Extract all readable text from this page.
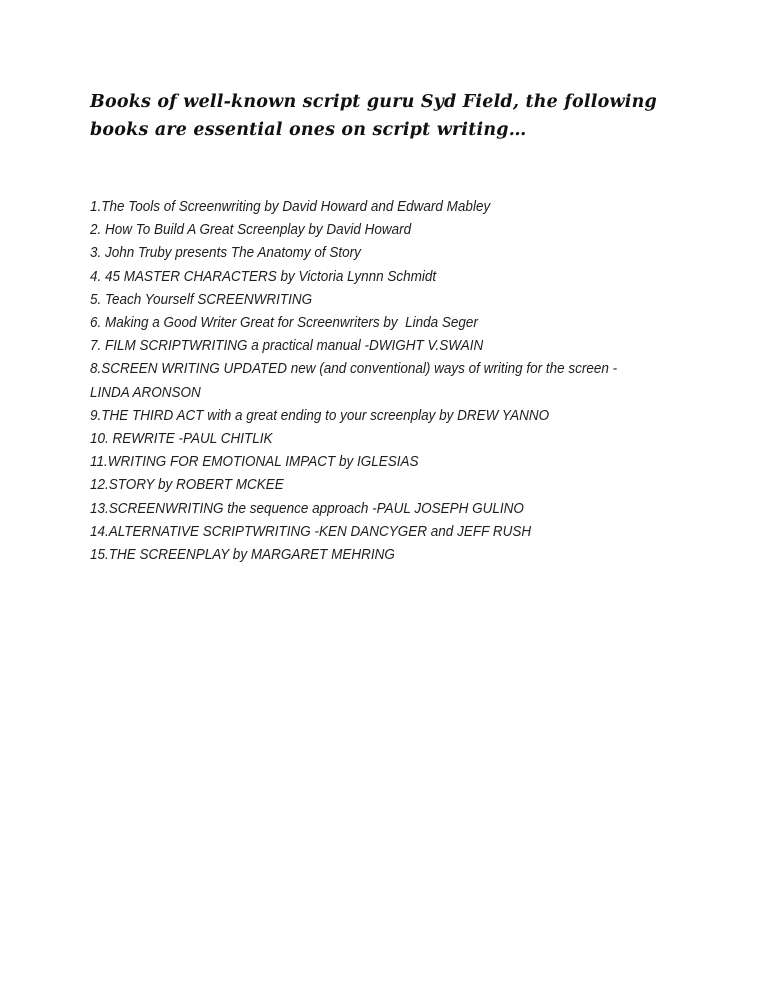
Books of well-known script guru Syd Field, the following
books are essential ones on script writing…
1.The Tools of Screenwriting by David Howard and Edward Mabley
2. How To Build A Great Screenplay by David Howard
3. John Truby presents The Anatomy of Story
4. 45 MASTER CHARACTERS by Victoria Lynnn Schmidt
5. Teach Yourself SCREENWRITING
6. Making a Good Writer Great for Screenwriters by  Linda Seger
7. FILM SCRIPTWRITING a practical manual -DWIGHT V.SWAIN
8.SCREEN WRITING UPDATED new (and conventional) ways of writing for the screen -
LINDA ARONSON
9.THE THIRD ACT with a great ending to your screenplay by DREW YANNO
10. REWRITE -PAUL CHITLIK
11.WRITING FOR EMOTIONAL IMPACT by IGLESIAS
12.STORY by ROBERT MCKEE
13.SCREENWRITING the sequence approach -PAUL JOSEPH GULINO
14.ALTERNATIVE SCRIPTWRITING -KEN DANCYGER and JEFF RUSH
15.THE SCREENPLAY by MARGARET MEHRING
